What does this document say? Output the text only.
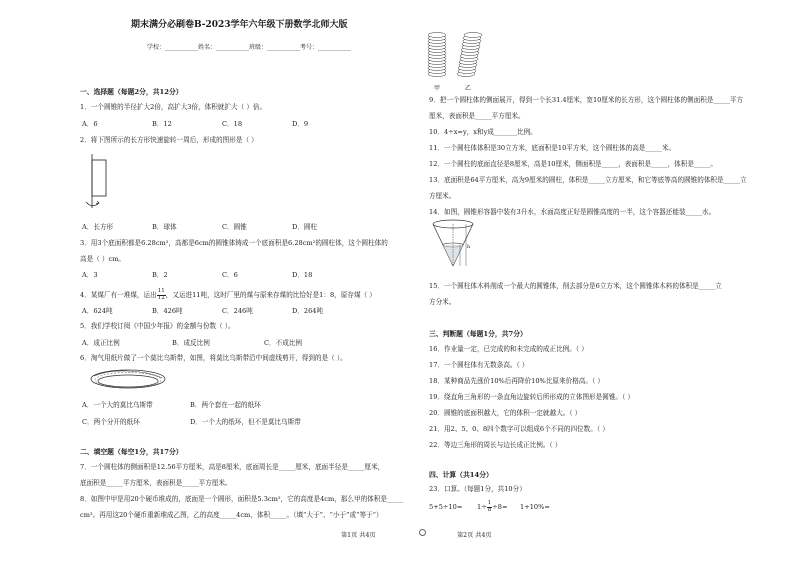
期末满分必刷卷B-2023学年六年级下册数学北师大版
学校：___________姓名：___________班级：___________考号：___________
一、选择题（每题2分，共12分）
1．一个圆锥的半径扩大2倍，高扩大3倍，体积就扩大（ ）倍。
A．6	B．12	C．18	D．9
2．将下图所示的长方形快速旋转一周后，形成的图形是（ ）
A．长方形	B．球体	C．圆锥	D．圆柱
3．用3个底面积都是6.28cm²，高都是6cm的圆锥体铸成一个底面积是6.28cm²的圆柱体，这个圆柱体的
高是（ ）cm。
A．3	B．2	C．6	D．18
4．某煤厂有一堆煤，运出 $\frac{11}{12}$ ，又运进11吨，这时厂里的煤与原来存煤的比恰好是1：8，原存煤（ ）
A．624吨	B．426吨	C．246吨	D．264吨
5．我们学校订阅《中国少年报》的金额与份数（ ）。
A．成正比例	B．成反比例	C．不成比例
6．淘气用纸片做了一个莫比乌斯带，如图，将莫比乌斯带沿中间虚线剪开，得到的是（ ）。
A．一个大的莫比乌斯带	B．两个套在一起的纸环
C．两个分开的纸环	D．一个大的纸环，但不是莫比乌斯带
二、填空题（每空1分，共17分）
7．一个圆柱体的侧面积是12.56平方厘米，高是8厘米，底面周长是_____厘米，底面半径是_____厘米，
底面积是_____平方厘米，表面积是_____平方厘米。
8．如图中甲是用20个硬币堆成的，底面是一个圆形，面积是5.3cm²，它的高度是4cm，那么甲的体积是_____
cm³。再用这20个硬币重新堆成乙图，乙的高度_____4cm，体积_____。（填“大于”、“小于”或“等于”）
第1页 共4页
甲	乙
9．把一个圆柱体的侧面展开，得到一个长31.4厘米，宽10厘米的长方形，这个圆柱体的侧面积是_____平方
厘米，表面积是_____平方厘米。
10．4÷x=y，x和y成_______比例。
11．一个圆柱体体积是30立方米，底面积是10平方米，这个圆柱体的高是_____米。
12．一个圆柱的底面直径是8厘米，高是10厘米，侧面积是_____，表面积是_____，体积是_____。
13．底面积是64平方厘米，高为9厘米的圆柱，体积是_____立方厘米，和它等底等高的圆锥的体积是_____立
方厘米。
14．如图，圆锥形容器中装有3升水，水面高度正好是圆锥高度的一半，这个容器还能装_____水。
h
15．一个圆柱体木料削成一个最大的圆锥体，削去部分是6立方米，这个圆锥体木料的体积是_____立
方分米。
三、判断题（每题1分，共7分）
16．作业量一定，已完成的和未完成的成正比例。（ ）
17．一个圆柱体有无数条高。（ ）
18．某种商品先涨价10%后再降价10%比原来价格高。（ ）
19．绕直角三角形的一条直角边旋转后所形成的立体图形是圆锥。（ ）
20．圆锥的底面积越大，它的体积一定就越大。（ ）
21．用2、5、0、8四个数字可以组成6个不同的四位数。（ ）
22．等边三角形的周长与边长成正比例。（ ）
四、计算（共14分）
23．口算。（每题1分，共10分）
$5+5\div 10= 1\div \frac{1}{8} \div 8= 1+10\%=$
第2页 共4页
